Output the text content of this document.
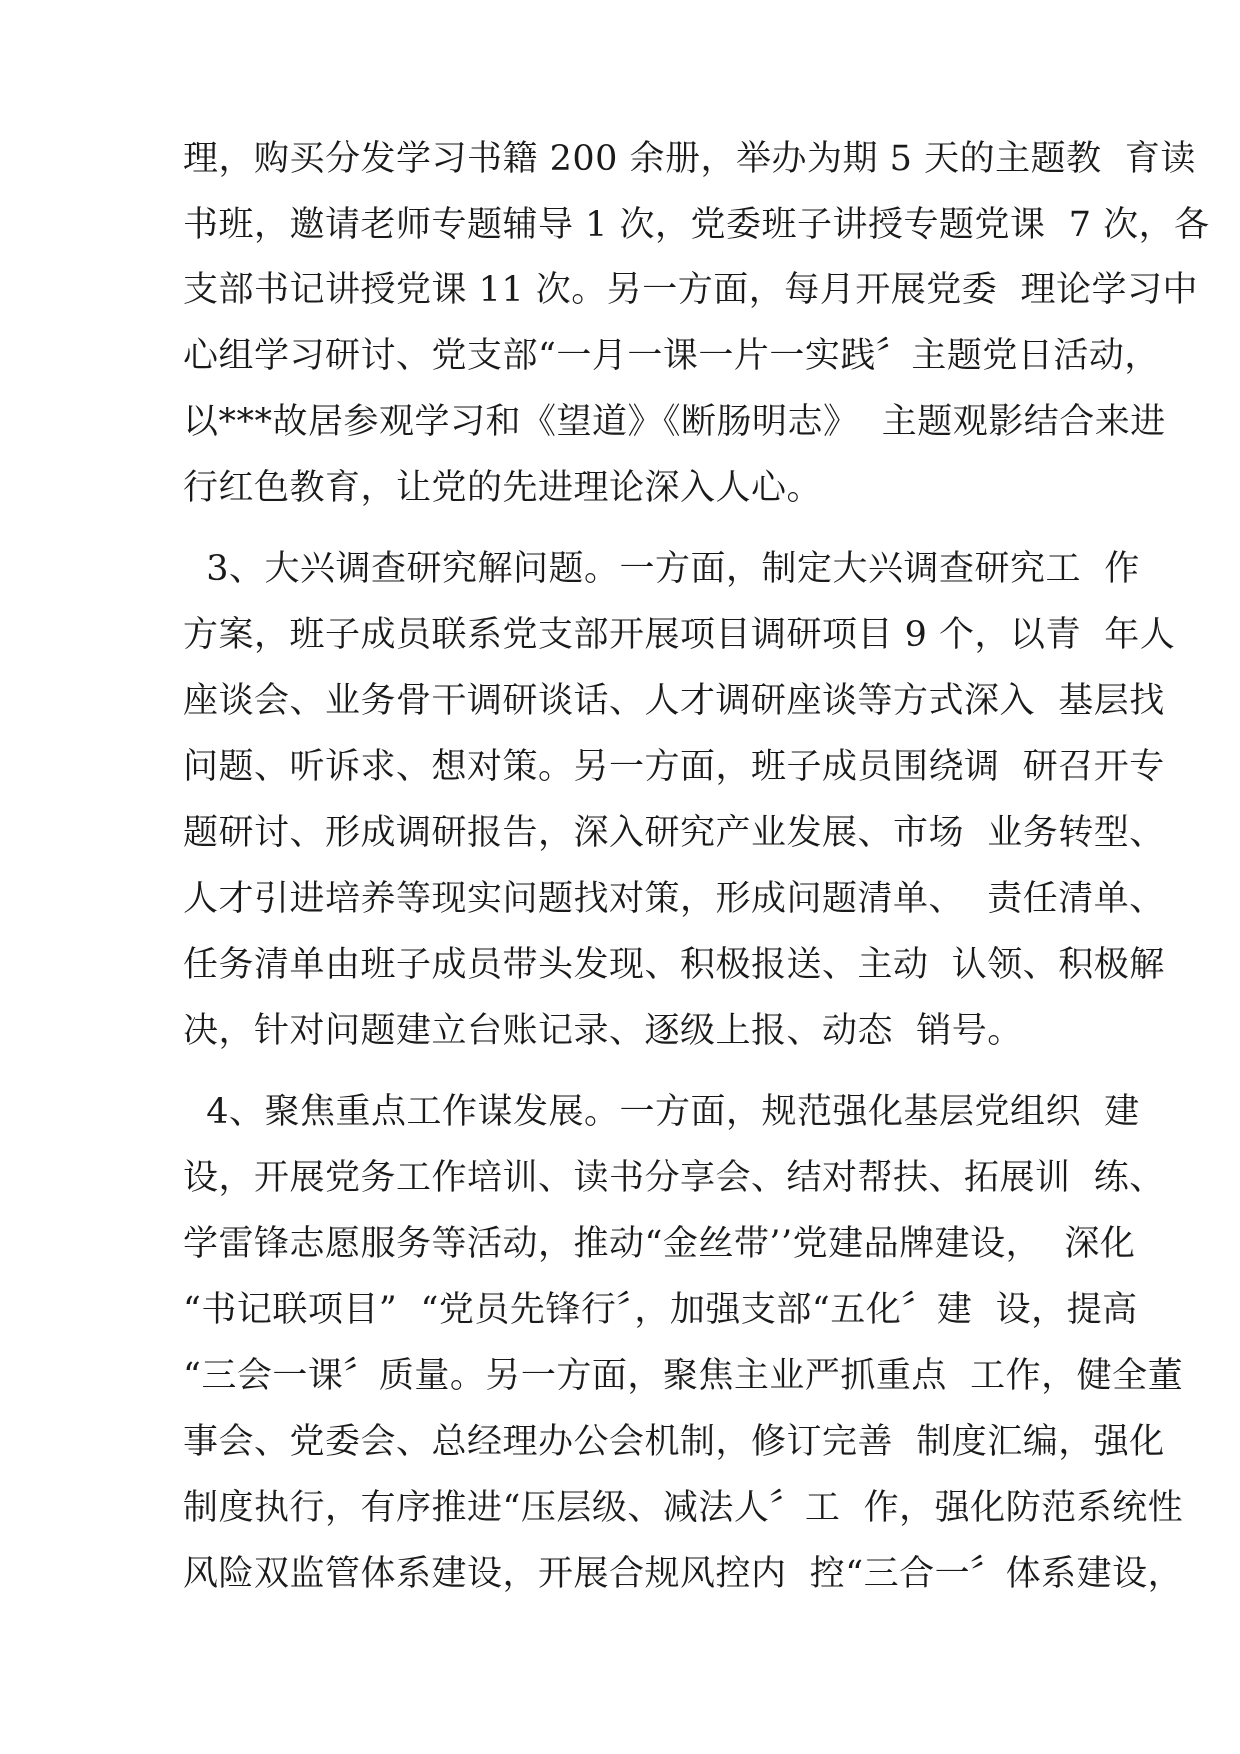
理，购买分发学习书籍 200 余册，举办为期 5 天的主题教  育读
书班，邀请老师专题辅导 1 次，党委班子讲授专题党课  7 次，各
支部书记讲授党课 11 次。另一方面，每月开展党委  理论学习中
心组学习研讨、党支部“一月一课一片一实践〞主题党日活动，
以***故居参观学习和《望道》《断肠明志》  主题观影结合来进
行红色教育，让党的先进理论深入人心。
3、大兴调查研究解问题。一方面，制定大兴调查研究工  作
方案，班子成员联系党支部开展项目调研项目 9 个，以青  年人
座谈会、业务骨干调研谈话、人才调研座谈等方式深入  基层找
问题、听诉求、想对策。另一方面，班子成员围绕调  研召开专
题研讨、形成调研报告，深入研究产业发展、市场  业务转型、
人才引进培养等现实问题找对策，形成问题清单、  责任清单、
任务清单由班子成员带头发现、积极报送、主动  认领、积极解
决，针对问题建立台账记录、逐级上报、动态  销号。
4、聚焦重点工作谋发展。一方面，规范强化基层党组织  建
设，开展党务工作培训、读书分享会、结对帮扶、拓展训  练、
学雷锋志愿服务等活动，推动“金丝带’’党建品牌建设，  深化
“书记联项目”  “党员先锋行〞，加强支部“五化〞建  设，提高
“三会一课〞质量。另一方面，聚焦主业严抓重点  工作，健全董
事会、党委会、总经理办公会机制，修订完善  制度汇编，强化
制度执行，有序推进“压层级、减法人〞工  作，强化防范系统性
风险双监管体系建设，开展合规风控内  控“三合一〞体系建设，
